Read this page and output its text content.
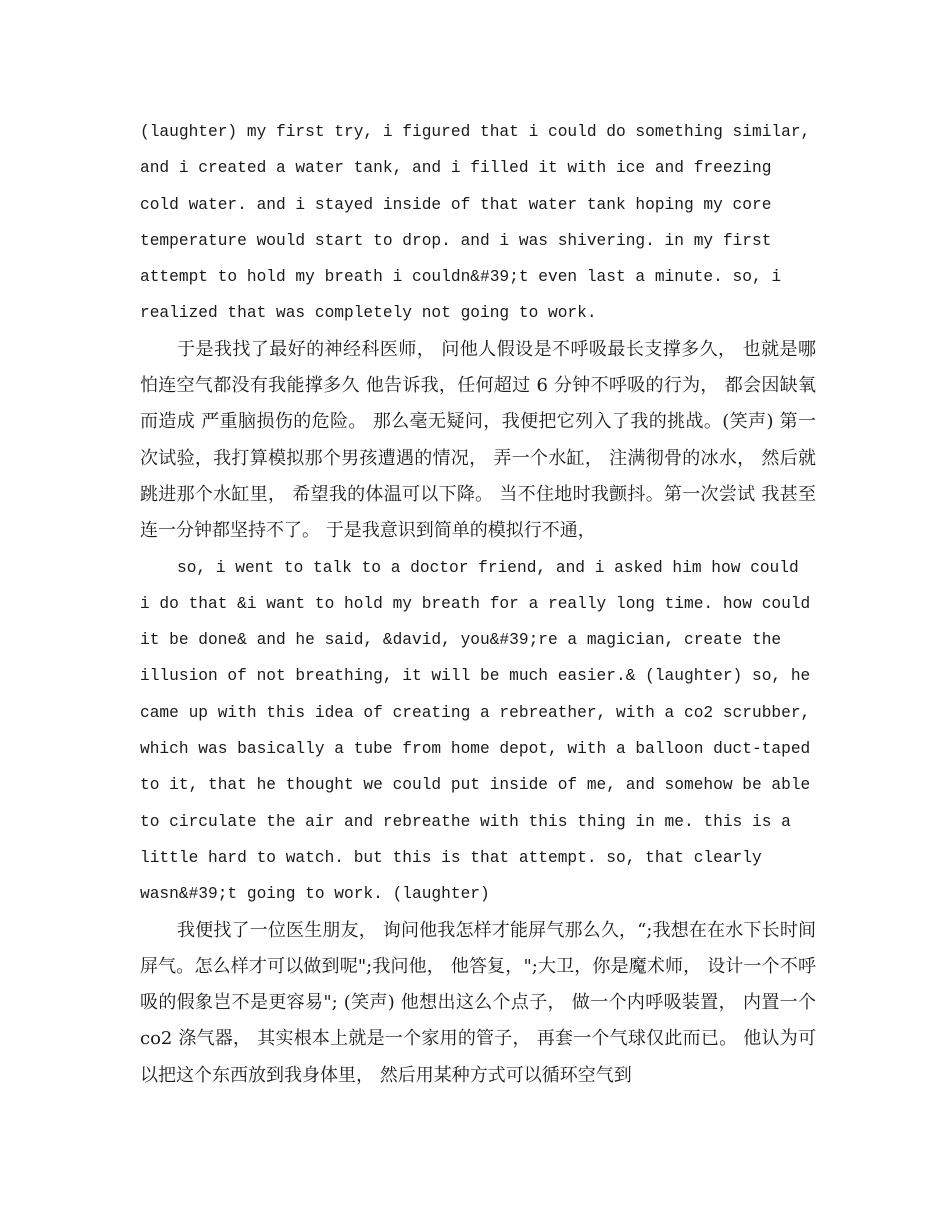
(laughter) my first try, i figured that i could do something similar, and i created a water tank, and i filled it with ice and freezing cold water. and i stayed inside of that water tank hoping my core temperature would start to drop. and i was shivering. in my first attempt to hold my breath i couldn&#39;t even last a minute. so, i realized that was completely not going to work.

于是我找了最好的神经科医师， 问他人假设是不呼吸最长支撑多久， 也就是哪怕连空气都没有我能撑多久 他告诉我，任何超过 6 分钟不呼吸的行为， 都会因缺氧而造成 严重脑损伤的危险。 那么毫无疑问，我便把它列入了我的挑战。(笑声) 第一次试验，我打算模拟那个男孩遭遇的情况， 弄一个水缸， 注满彻骨的冰水， 然后就跳进那个水缸里， 希望我的体温可以下降。 当不住地时我颤抖。第一次尝试 我甚至连一分钟都坚持不了。 于是我意识到简单的模拟行不通，

so, i went to talk to a doctor friend, and i asked him how could i do that &i want to hold my breath for a really long time. how could it be done& and he said, &david, you&#39;re a magician, create the illusion of not breathing, it will be much easier.& (laughter) so, he came up with this idea of creating a rebreather, with a co2 scrubber, which was basically a tube from home depot, with a balloon duct-taped to it, that he thought we could put inside of me, and somehow be able to circulate the air and rebreathe with this thing in me. this is a little hard to watch. but this is that attempt. so, that clearly wasn&#39;t going to work. (laughter)

我便找了一位医生朋友， 询问他我怎样才能屏气那么久，“;我想在在水下长时间屏气。怎么样才可以做到呢";我问他， 他答复，";大卫，你是魔术师， 设计一个不呼吸的假象岂不是更容易"; (笑声) 他想出这么个点子， 做一个内呼吸装置， 内置一个 co2 涤气器， 其实根本上就是一个家用的管子， 再套一个气球仅此而已。 他认为可以把这个东西放到我身体里， 然后用某种方式可以循环空气到
